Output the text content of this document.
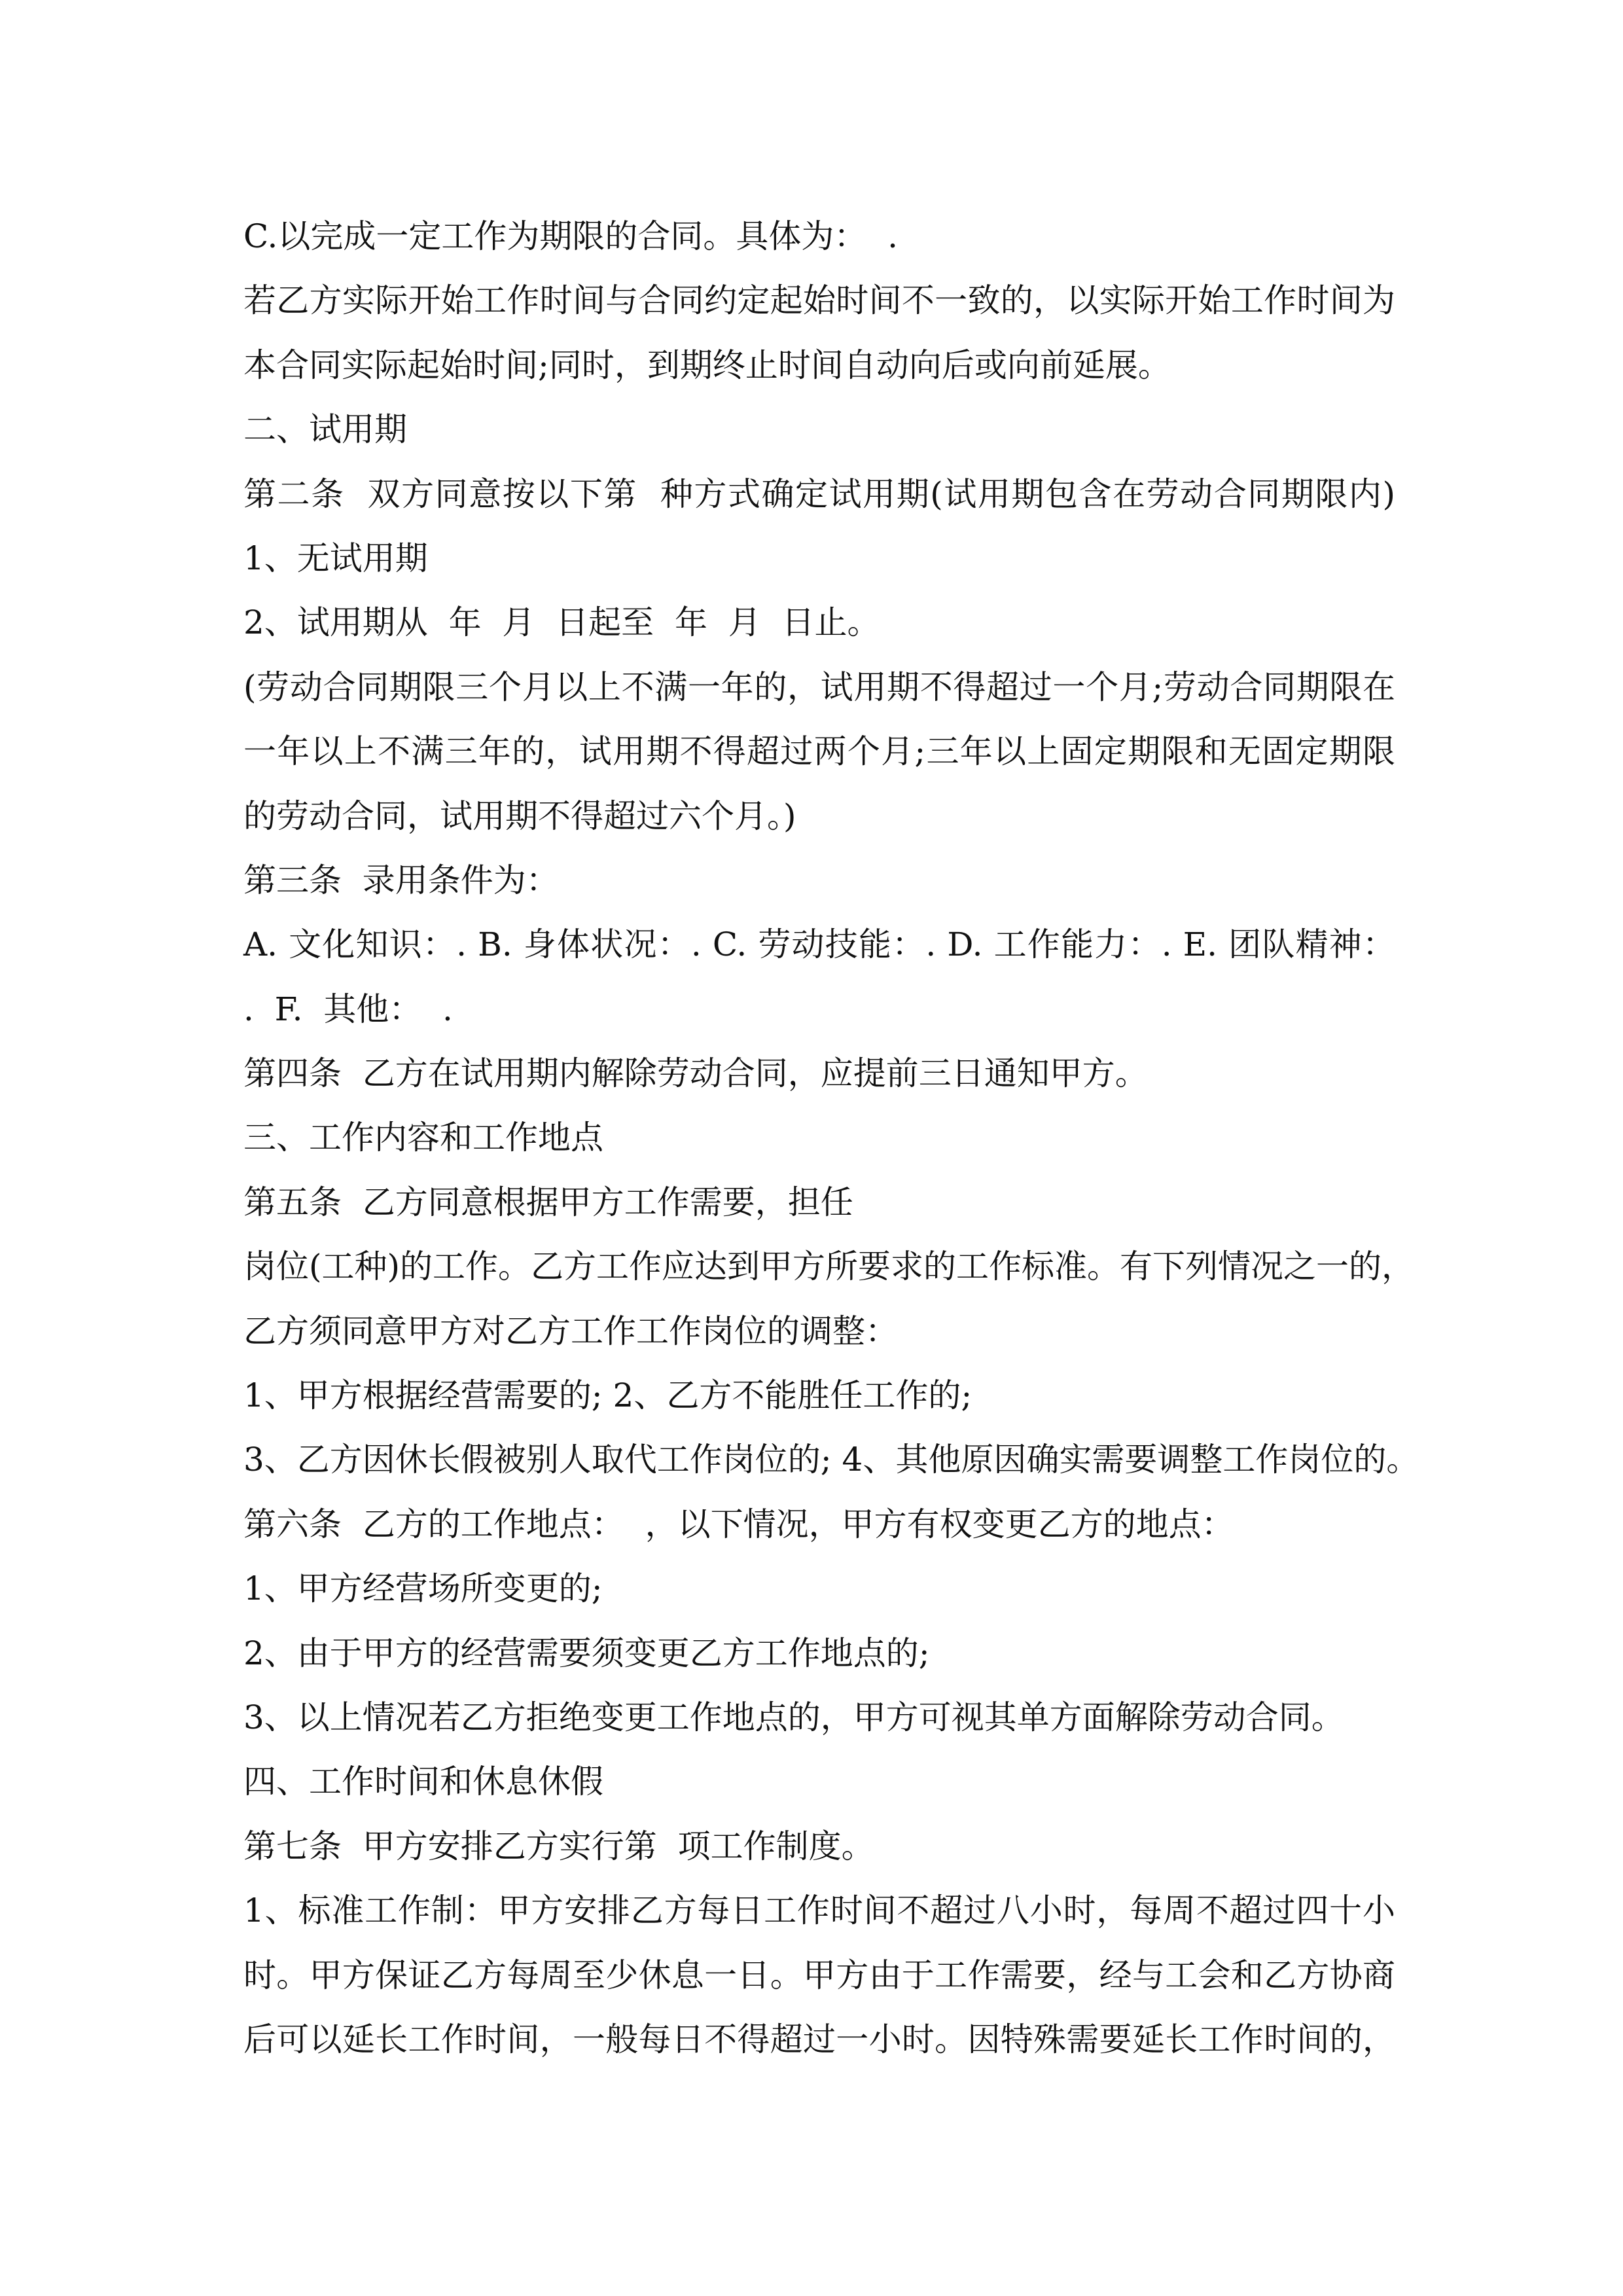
C.以完成一定工作为期限的合同。具体为：  .
若乙方实际开始工作时间与合同约定起始时间不一致的，以实际开始工作时间为
本合同实际起始时间;同时，到期终止时间自动向后或向前延展。
二、试用期
第二条  双方同意按以下第  种方式确定试用期(试用期包含在劳动合同期限内)
1、无试用期
2、试用期从  年  月  日起至  年  月  日止。
(劳动合同期限三个月以上不满一年的，试用期不得超过一个月;劳动合同期限在
一年以上不满三年的，试用期不得超过两个月;三年以上固定期限和无固定期限
的劳动合同，试用期不得超过六个月。)
第三条  录用条件为：
A. 文化知识：. B. 身体状况：. C. 劳动技能：. D. 工作能力：. E. 团队精神：
.  F.  其他：  .
第四条  乙方在试用期内解除劳动合同，应提前三日通知甲方。
三、工作内容和工作地点
第五条  乙方同意根据甲方工作需要，担任
岗位(工种)的工作。乙方工作应达到甲方所要求的工作标准。有下列情况之一的，
乙方须同意甲方对乙方工作工作岗位的调整：
1、甲方根据经营需要的; 2、乙方不能胜任工作的;
3、乙方因休长假被别人取代工作岗位的; 4、其他原因确实需要调整工作岗位的。
第六条  乙方的工作地点：  ，以下情况，甲方有权变更乙方的地点：
1、甲方经营场所变更的;
2、由于甲方的经营需要须变更乙方工作地点的;
3、以上情况若乙方拒绝变更工作地点的，甲方可视其单方面解除劳动合同。
四、工作时间和休息休假
第七条  甲方安排乙方实行第  项工作制度。
1、标准工作制：甲方安排乙方每日工作时间不超过八小时，每周不超过四十小
时。甲方保证乙方每周至少休息一日。甲方由于工作需要，经与工会和乙方协商
后可以延长工作时间，一般每日不得超过一小时。因特殊需要延长工作时间的，
